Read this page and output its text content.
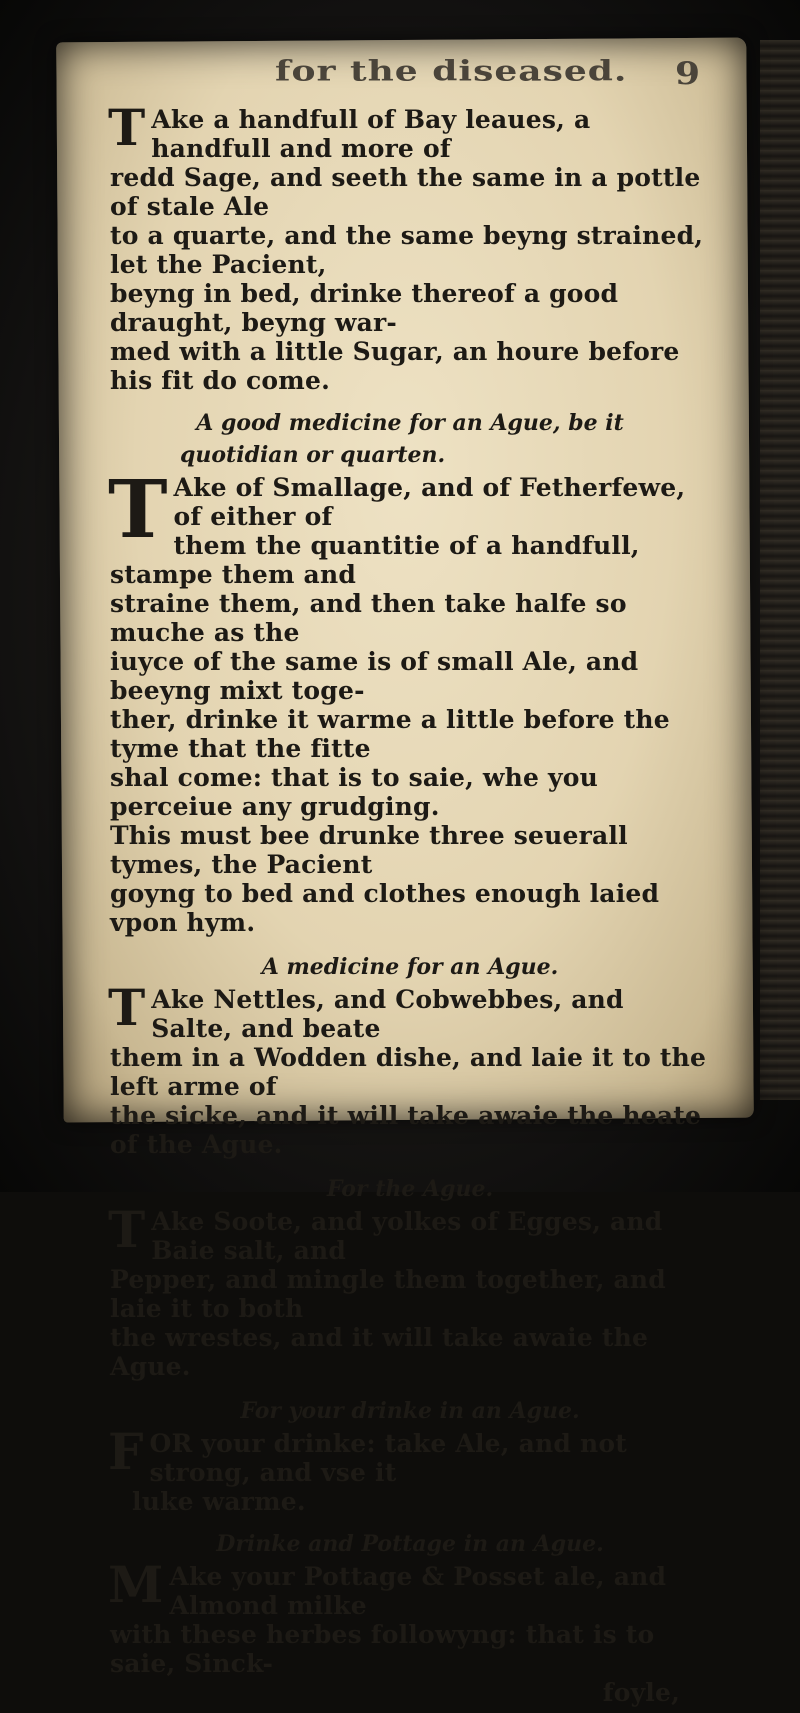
for the diseased. 9
T Ake a handfull of Bay leaues, a handfull and more of

redd Sage, and seeth the same in a pottle of stale Ale

to a quarte, and the same beyng strained, let the Pacient,

beyng in bed, drinke thereof a good draught, beyng war-

med with a little Sugar, an houre before his fit do come.

A good medicine for an Ague, be it
quotidian or quarten.
T Ake of Smallage, and of Fetherfewe, of either of

them the quantitie of a handfull, stampe them and

straine them, and then take halfe so muche as the

iuyce of the same is of small Ale, and beeyng mixt toge-

ther, drinke it warme a little before the tyme that the fitte

shal come: that is to saie, whe you perceiue any grudging.

This must bee drunke three seuerall tymes, the Pacient

goyng to bed and clothes enough laied vpon hym.

A medicine for an Ague.
T Ake Nettles, and Cobwebbes, and Salte, and beate

them in a Wodden dishe, and laie it to the left arme of

the sicke, and it will take awaie the heate of the Ague.

For the Ague.
T Ake Soote, and yolkes of Egges, and Baie salt, and

Pepper, and mingle them together, and laie it to both

the wrestes, and it will take awaie the Ague.

For your drinke in an Ague.
F OR your drinke: take Ale, and not strong, and vse it

luke warme.

Drinke and Pottage in an Ague.
M Ake your Pottage & Posset ale, and Almond milke

with these herbes followyng: that is to saie, Sinck-

foyle,
